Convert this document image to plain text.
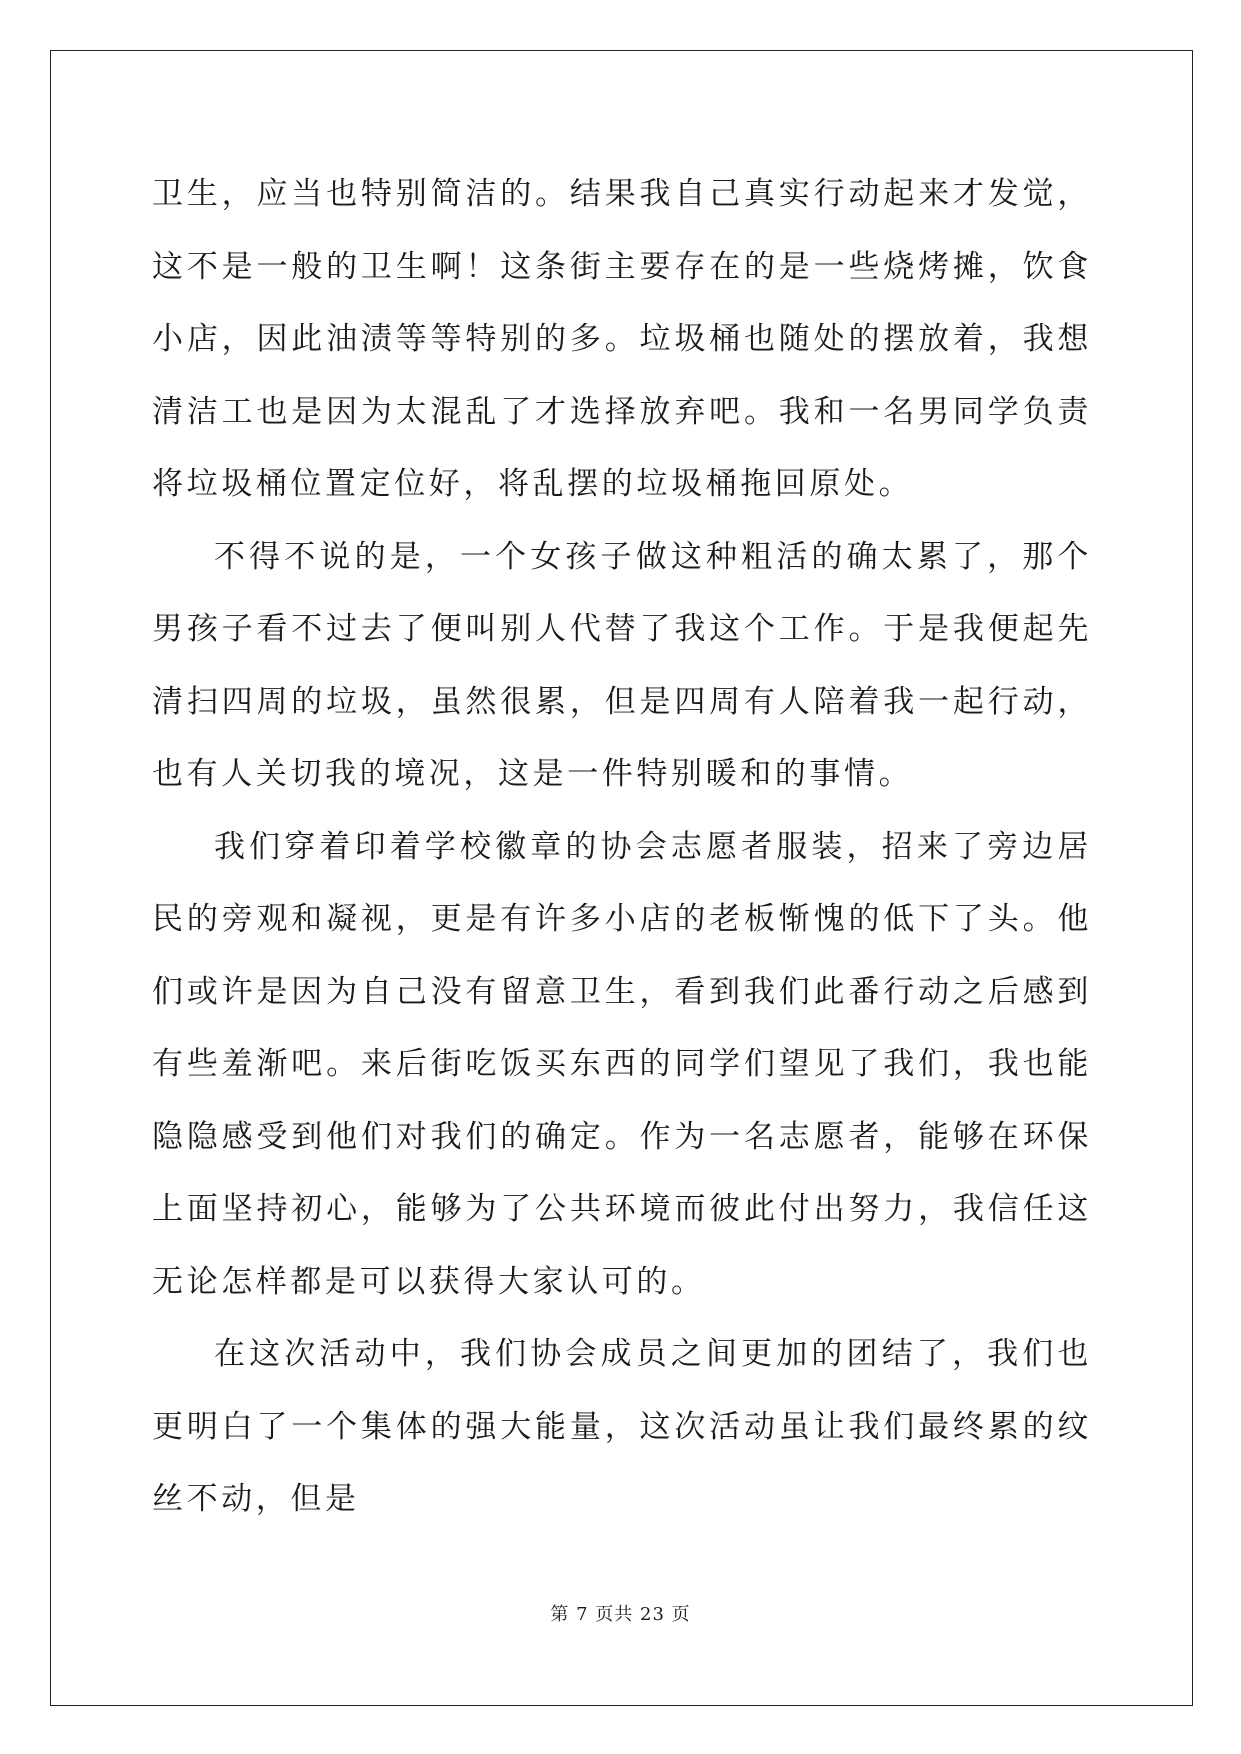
卫生，应当也特别简洁的。结果我自己真实行动起来才发觉，这不是一般的卫生啊！这条街主要存在的是一些烧烤摊，饮食小店，因此油渍等等特别的多。垃圾桶也随处的摆放着，我想清洁工也是因为太混乱了才选择放弃吧。我和一名男同学负责将垃圾桶位置定位好，将乱摆的垃圾桶拖回原处。

不得不说的是，一个女孩子做这种粗活的确太累了，那个男孩子看不过去了便叫别人代替了我这个工作。于是我便起先清扫四周的垃圾，虽然很累，但是四周有人陪着我一起行动，也有人关切我的境况，这是一件特别暖和的事情。

我们穿着印着学校徽章的协会志愿者服装，招来了旁边居民的旁观和凝视，更是有许多小店的老板惭愧的低下了头。他们或许是因为自己没有留意卫生，看到我们此番行动之后感到有些羞渐吧。来后街吃饭买东西的同学们望见了我们，我也能隐隐感受到他们对我们的确定。作为一名志愿者，能够在环保上面坚持初心，能够为了公共环境而彼此付出努力，我信任这无论怎样都是可以获得大家认可的。

在这次活动中，我们协会成员之间更加的团结了，我们也更明白了一个集体的强大能量，这次活动虽让我们最终累的纹丝不动，但是

第 7 页共 23 页
